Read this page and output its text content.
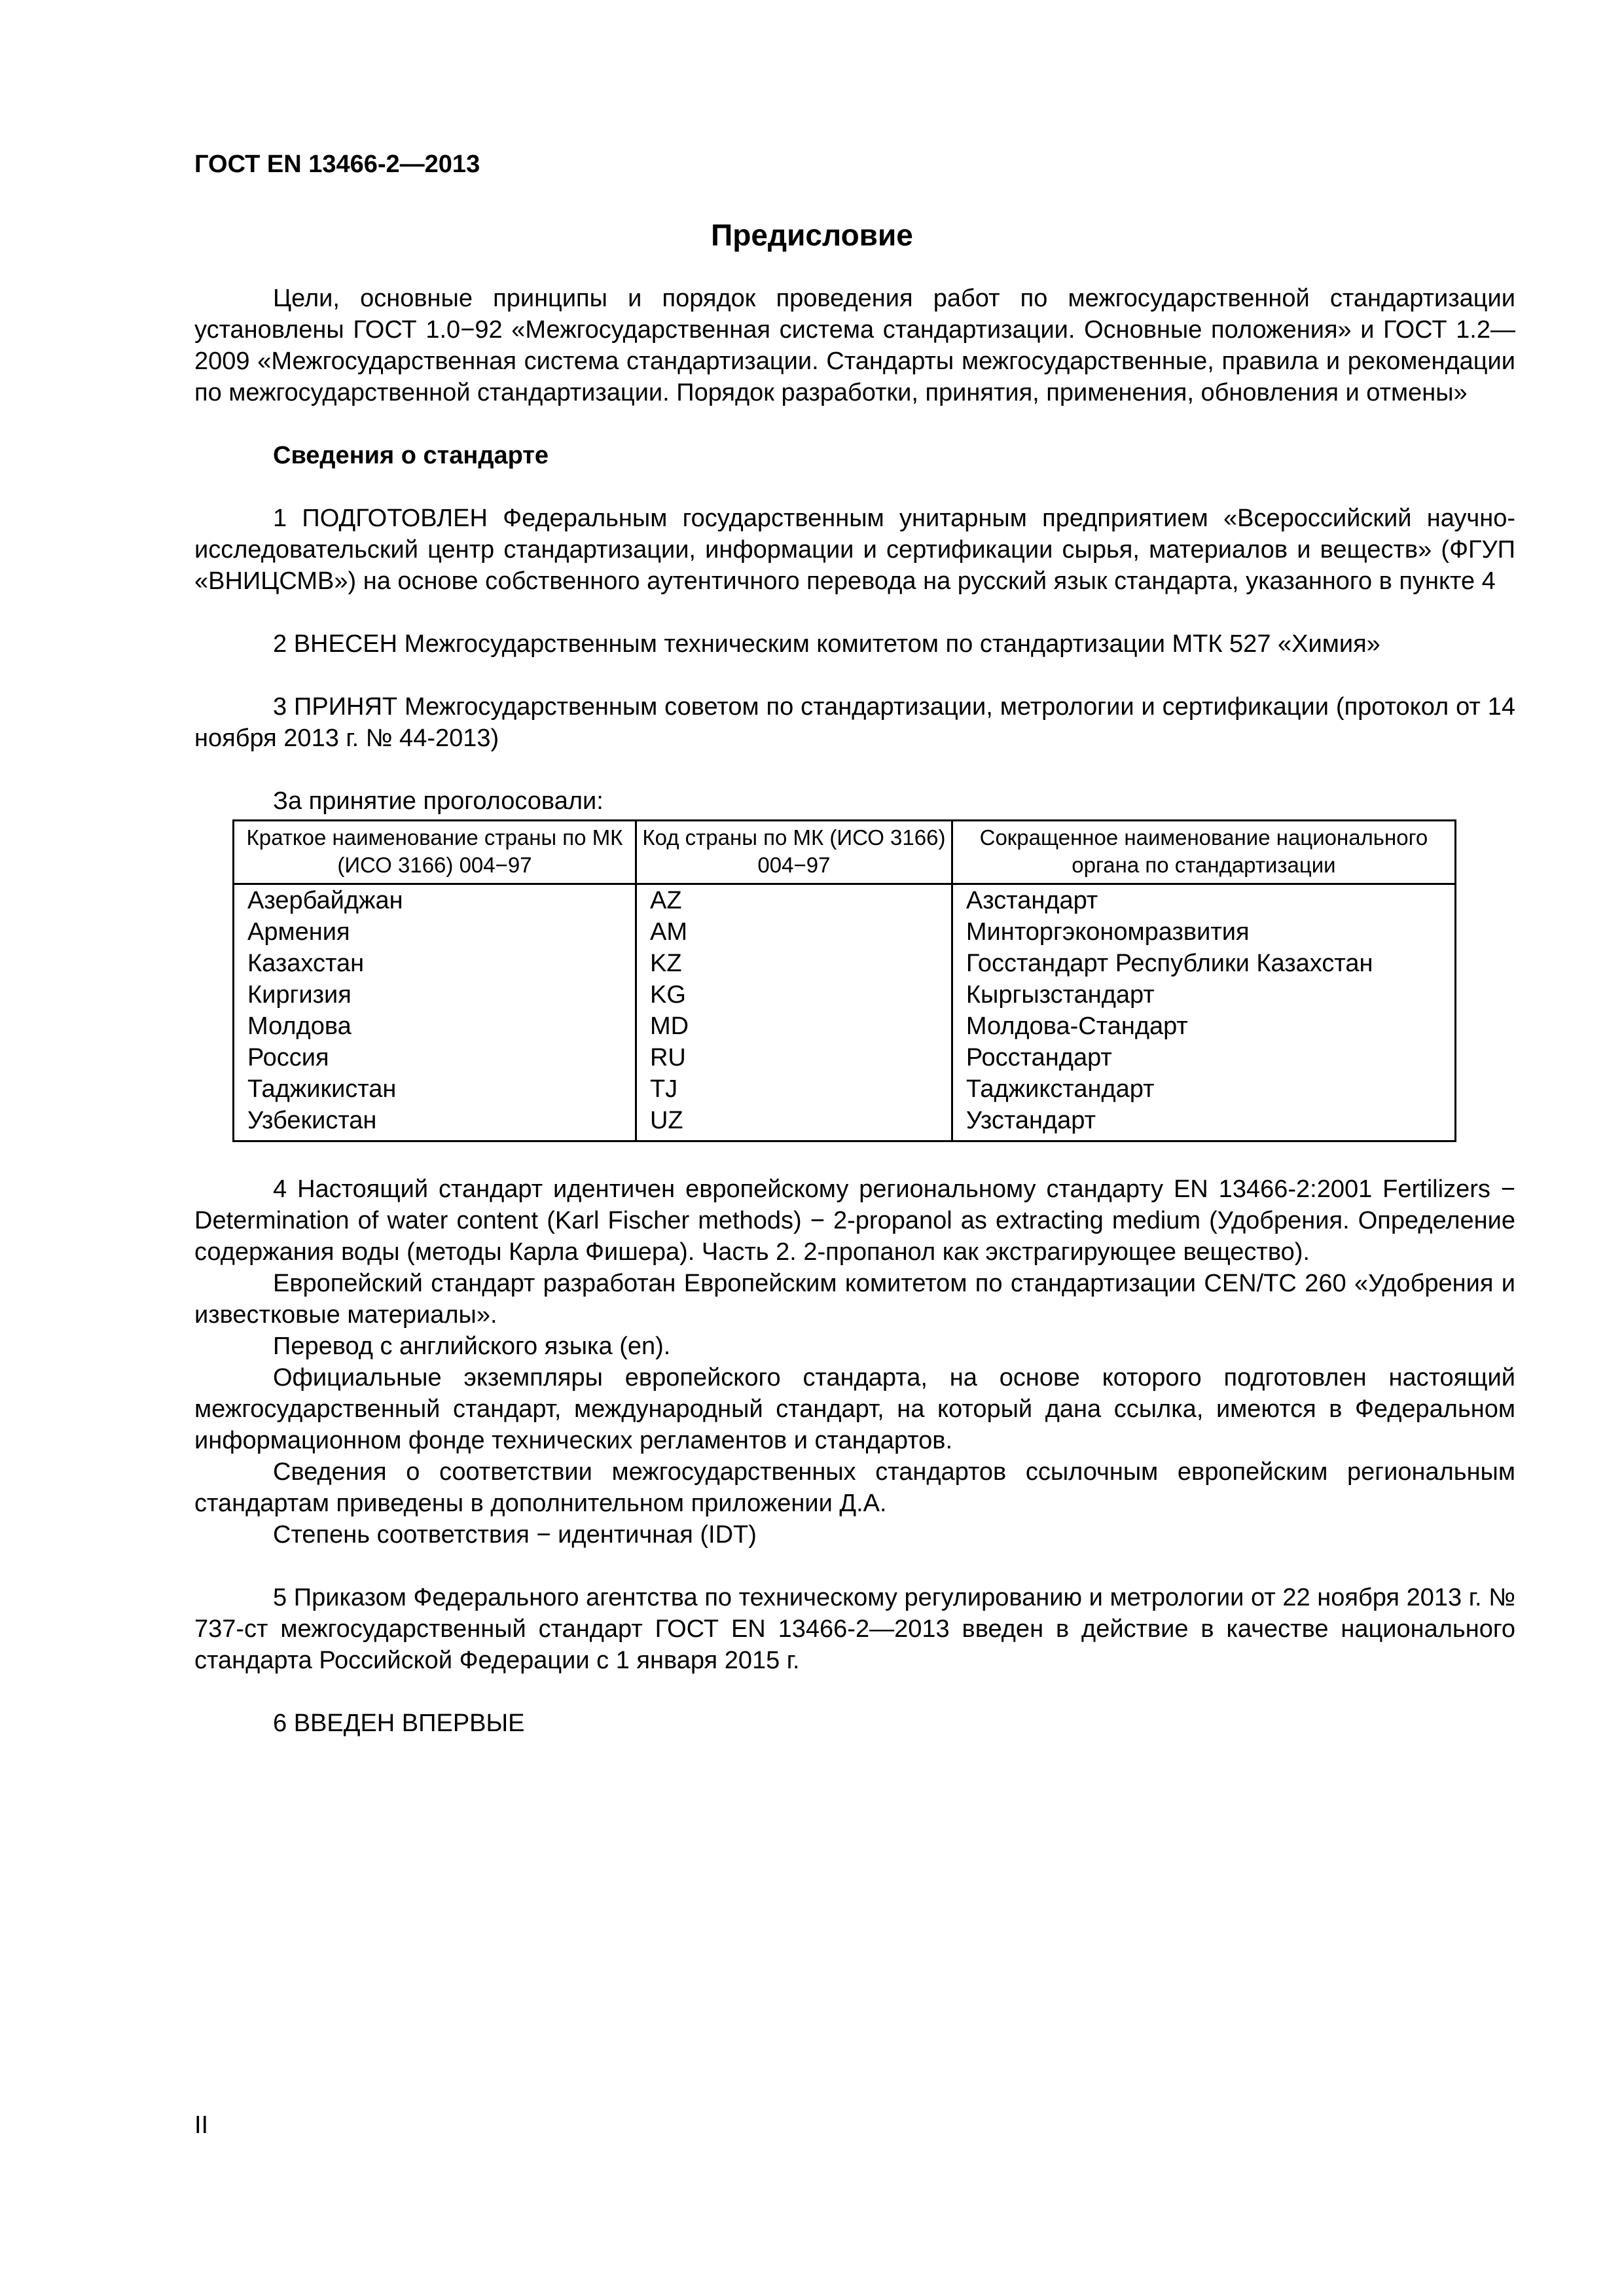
ГОСТ EN 13466-2—2013
Предисловие

Цели, основные принципы и порядок проведения работ по межгосударственной стандартизации установлены ГОСТ 1.0−92 «Межгосударственная система стандартизации. Основные положения» и ГОСТ 1.2—2009 «Межгосударственная система стандартизации. Стандарты межгосударственные, правила и рекомендации по межгосударственной стандартизации. Порядок разработки, принятия, применения, обновления и отмены»

Сведения о стандарте

1 ПОДГОТОВЛЕН Федеральным государственным унитарным предприятием «Всероссийский научно-исследовательский центр стандартизации, информации и сертификации сырья, материалов и веществ» (ФГУП «ВНИЦСМВ») на основе собственного аутентичного перевода на русский язык стандарта, указанного в пункте 4

2 ВНЕСЕН Межгосударственным техническим комитетом по стандартизации МТК 527 «Химия»

3 ПРИНЯТ Межгосударственным советом по стандартизации, метрологии и сертификации (протокол от 14 ноября 2013 г. № 44-2013)

За принятие проголосовали:

Краткое наименование страны по МК (ИСО 3166) 004−97	Код страны по МК (ИСО 3166) 004−97	Сокращенное наименование национального органа по стандартизации
Азербайджан	AZ	Азстандарт
Армения	AM	Минторгэкономразвития
Казахстан	KZ	Госстандарт Республики Казахстан
Киргизия	KG	Кыргызстандарт
Молдова	MD	Молдова-Стандарт
Россия	RU	Росстандарт
Таджикистан	TJ	Таджикстандарт
Узбекистан	UZ	Узстандарт

4 Настоящий стандарт идентичен европейскому региональному стандарту EN 13466-2:2001 Fertilizers − Determination of water content (Karl Fischer methods) − 2-propanol as extracting medium (Удобрения. Определение содержания воды (методы Карла Фишера). Часть 2. 2-пропанол как экстрагирующее вещество).

Европейский стандарт разработан Европейским комитетом по стандартизации CEN/TC 260 «Удобрения и известковые материалы».

Перевод с английского языка (en).

Официальные экземпляры европейского стандарта, на основе которого подготовлен настоящий межгосударственный стандарт, международный стандарт, на который дана ссылка, имеются в Федеральном информационном фонде технических регламентов и стандартов.

Сведения о соответствии межгосударственных стандартов ссылочным европейским региональным стандартам приведены в дополнительном приложении Д.А.

Степень соответствия − идентичная (IDT)

5 Приказом Федерального агентства по техническому регулированию и метрологии от 22 ноября 2013 г. № 737-ст межгосударственный стандарт ГОСТ EN 13466-2—2013 введен в действие в качестве национального стандарта Российской Федерации с 1 января 2015 г.

6 ВВЕДЕН ВПЕРВЫЕ

II
